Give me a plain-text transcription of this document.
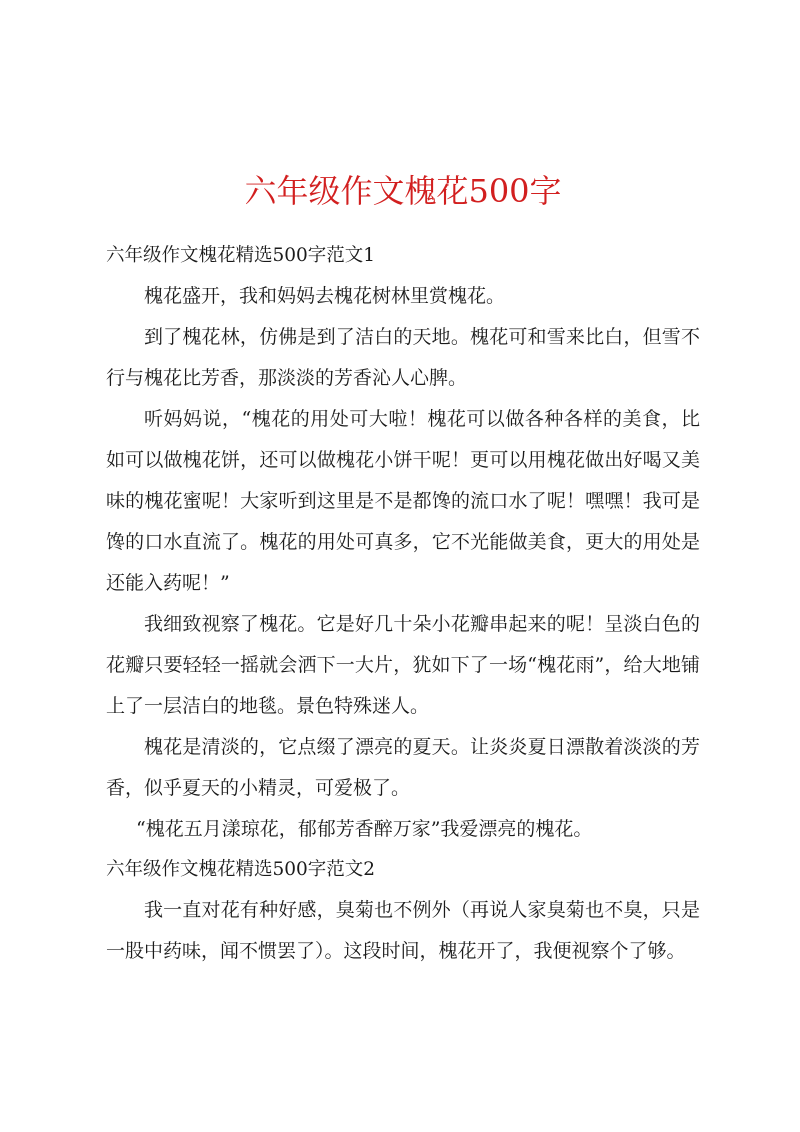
六年级作文槐花500字

六年级作文槐花精选500字范文1

槐花盛开，我和妈妈去槐花树林里赏槐花。

到了槐花林，仿佛是到了洁白的天地。槐花可和雪来比白，但雪不行与槐花比芳香，那淡淡的芳香沁人心脾。

听妈妈说，“槐花的用处可大啦！槐花可以做各种各样的美食，比如可以做槐花饼，还可以做槐花小饼干呢！更可以用槐花做出好喝又美味的槐花蜜呢！大家听到这里是不是都馋的流口水了呢！嘿嘿！我可是馋的口水直流了。槐花的用处可真多，它不光能做美食，更大的用处是还能入药呢！”

我细致视察了槐花。它是好几十朵小花瓣串起来的呢！呈淡白色的花瓣只要轻轻一摇就会洒下一大片，犹如下了一场“槐花雨”，给大地铺上了一层洁白的地毯。景色特殊迷人。

槐花是清淡的，它点缀了漂亮的夏天。让炎炎夏日漂散着淡淡的芳香，似乎夏天的小精灵，可爱极了。

“槐花五月漾琼花，郁郁芳香醉万家”我爱漂亮的槐花。

六年级作文槐花精选500字范文2

我一直对花有种好感，臭菊也不例外（再说人家臭菊也不臭，只是一股中药味，闻不惯罢了）。这段时间，槐花开了，我便视察个了够。
